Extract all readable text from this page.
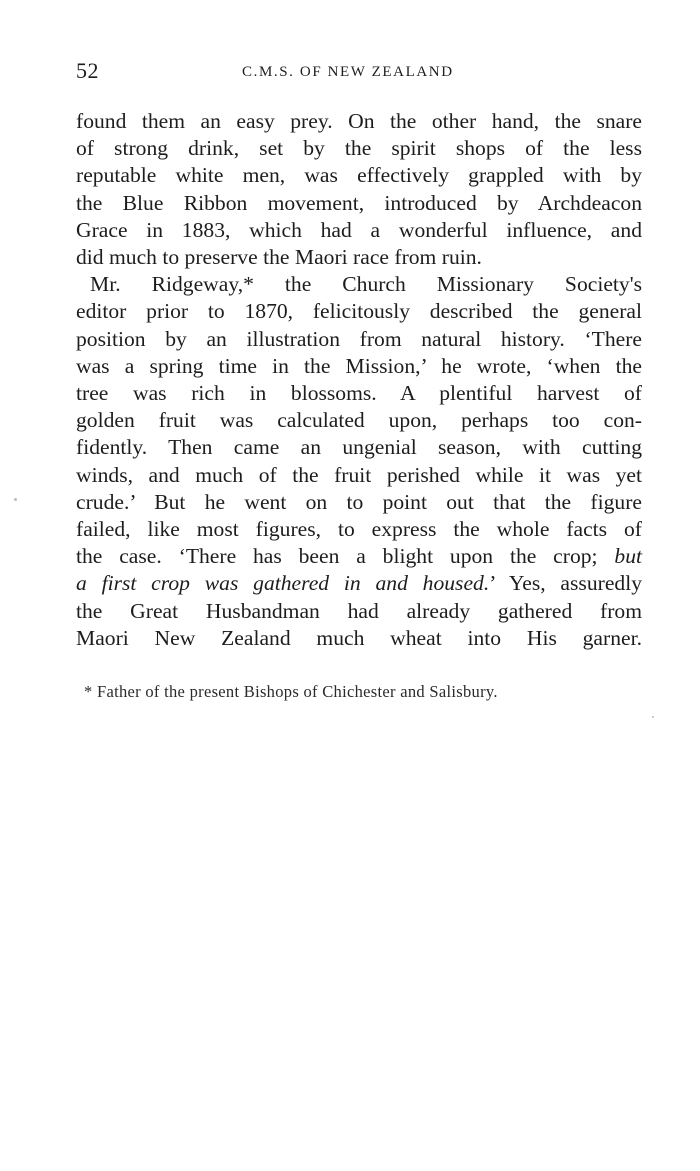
52	C.M.S. OF NEW ZEALAND

found them an easy prey. On the other hand, the snare
of strong drink, set by the spirit shops of the less
reputable white men, was effectively grappled with by
the Blue Ribbon movement, introduced by Archdeacon
Grace in 1883, which had a wonderful influence, and
did much to preserve the Maori race from ruin.

Mr. Ridgeway,* the Church Missionary Society's
editor prior to 1870, felicitously described the general
position by an illustration from natural history. ‘There
was a spring time in the Mission,’ he wrote, ‘when the
tree was rich in blossoms. A plentiful harvest of
golden fruit was calculated upon, perhaps too con-
fidently. Then came an ungenial season, with cutting
winds, and much of the fruit perished while it was yet
crude.’ But he went on to point out that the figure
failed, like most figures, to express the whole facts of
the case. ‘There has been a blight upon the crop; but
a first crop was gathered in and housed.’ Yes, assuredly
the Great Husbandman had already gathered from
Maori New Zealand much wheat into His garner.

* Father of the present Bishops of Chichester and Salisbury.
